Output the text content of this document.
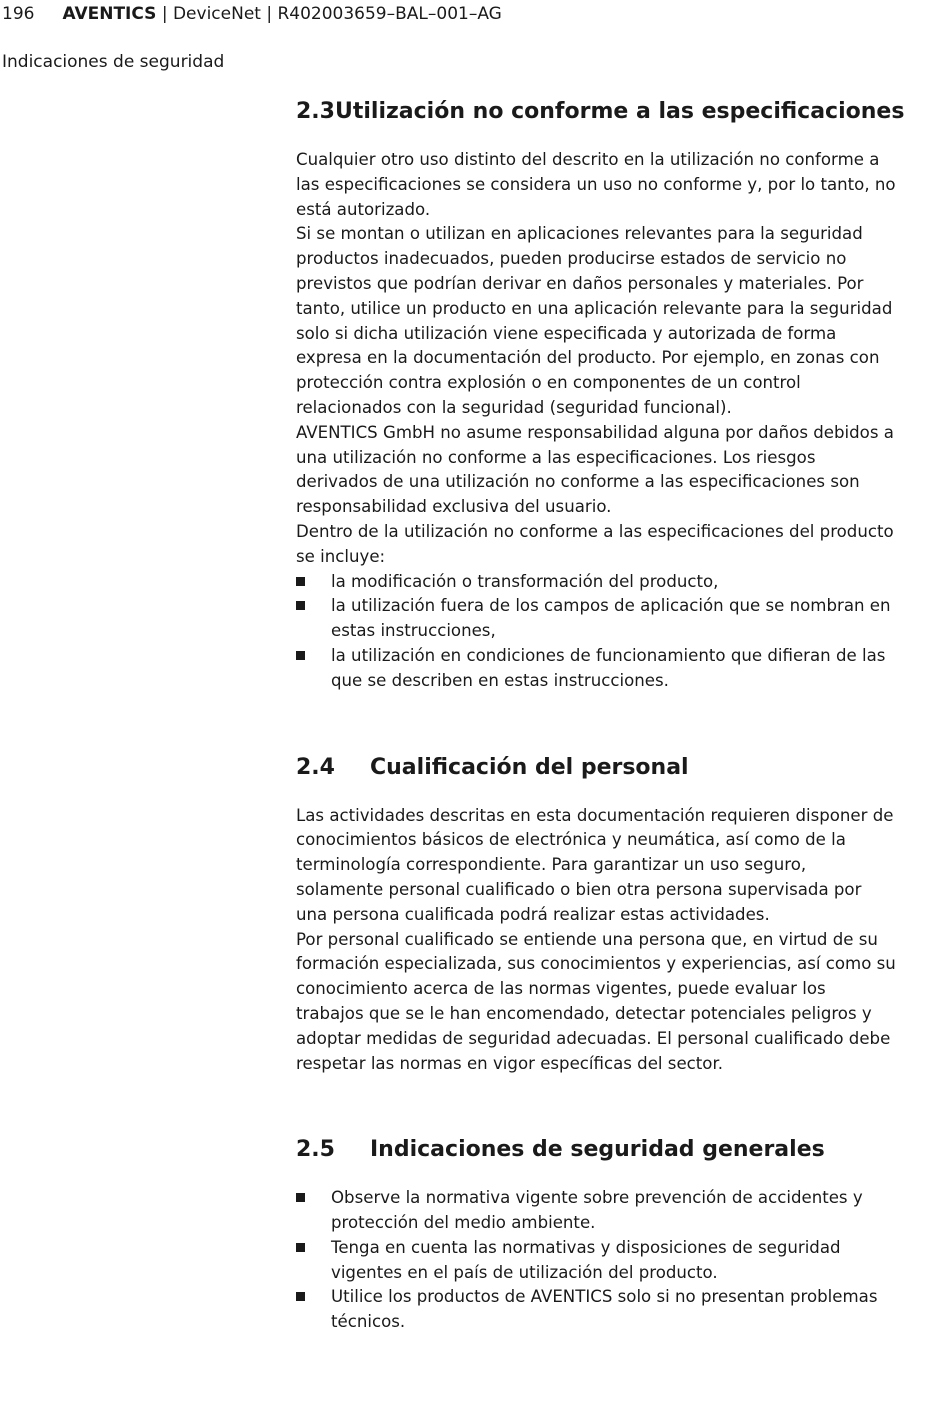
196 AVENTICS | DeviceNet | R402003659–BAL–001–AG
Indicaciones de seguridad
2.3 Utilización no conforme a las especificaciones

Cualquier otro uso distinto del descrito en la utilización no conforme a las especificaciones se considera un uso no conforme y, por lo tanto, no está autorizado.

Si se montan o utilizan en aplicaciones relevantes para la seguridad productos inadecuados, pueden producirse estados de servicio no previstos que podrían derivar en daños personales y materiales. Por tanto, utilice un producto en una aplicación relevante para la seguridad solo si dicha utilización viene especificada y autorizada de forma expresa en la documentación del producto. Por ejemplo, en zonas con protección contra explosión o en componentes de un control relacionados con la seguridad (seguridad funcional).

AVENTICS GmbH no asume responsabilidad alguna por daños debidos a una utilización no conforme a las especificaciones. Los riesgos derivados de una utilización no conforme a las especificaciones son responsabilidad exclusiva del usuario.

Dentro de la utilización no conforme a las especificaciones del producto se incluye:

la modificación o transformación del producto,
la utilización fuera de los campos de aplicación que se nombran en estas instrucciones,
la utilización en condiciones de funcionamiento que difieran de las que se describen en estas instrucciones.
2.4	Cualificación del personal

Las actividades descritas en esta documentación requieren disponer de conocimientos básicos de electrónica y neumática, así como de la terminología correspondiente. Para garantizar un uso seguro, solamente personal cualificado o bien otra persona supervisada por una persona cualificada podrá realizar estas actividades.

Por personal cualificado se entiende una persona que, en virtud de su formación especializada, sus conocimientos y experiencias, así como su conocimiento acerca de las normas vigentes, puede evaluar los trabajos que se le han encomendado, detectar potenciales peligros y adoptar medidas de seguridad adecuadas. El personal cualificado debe respetar las normas en vigor específicas del sector.

2.5	Indicaciones de seguridad generales
Observe la normativa vigente sobre prevención de accidentes y protección del medio ambiente.
Tenga en cuenta las normativas y disposiciones de seguridad vigentes en el país de utilización del producto.
Utilice los productos de AVENTICS solo si no presentan problemas técnicos.
